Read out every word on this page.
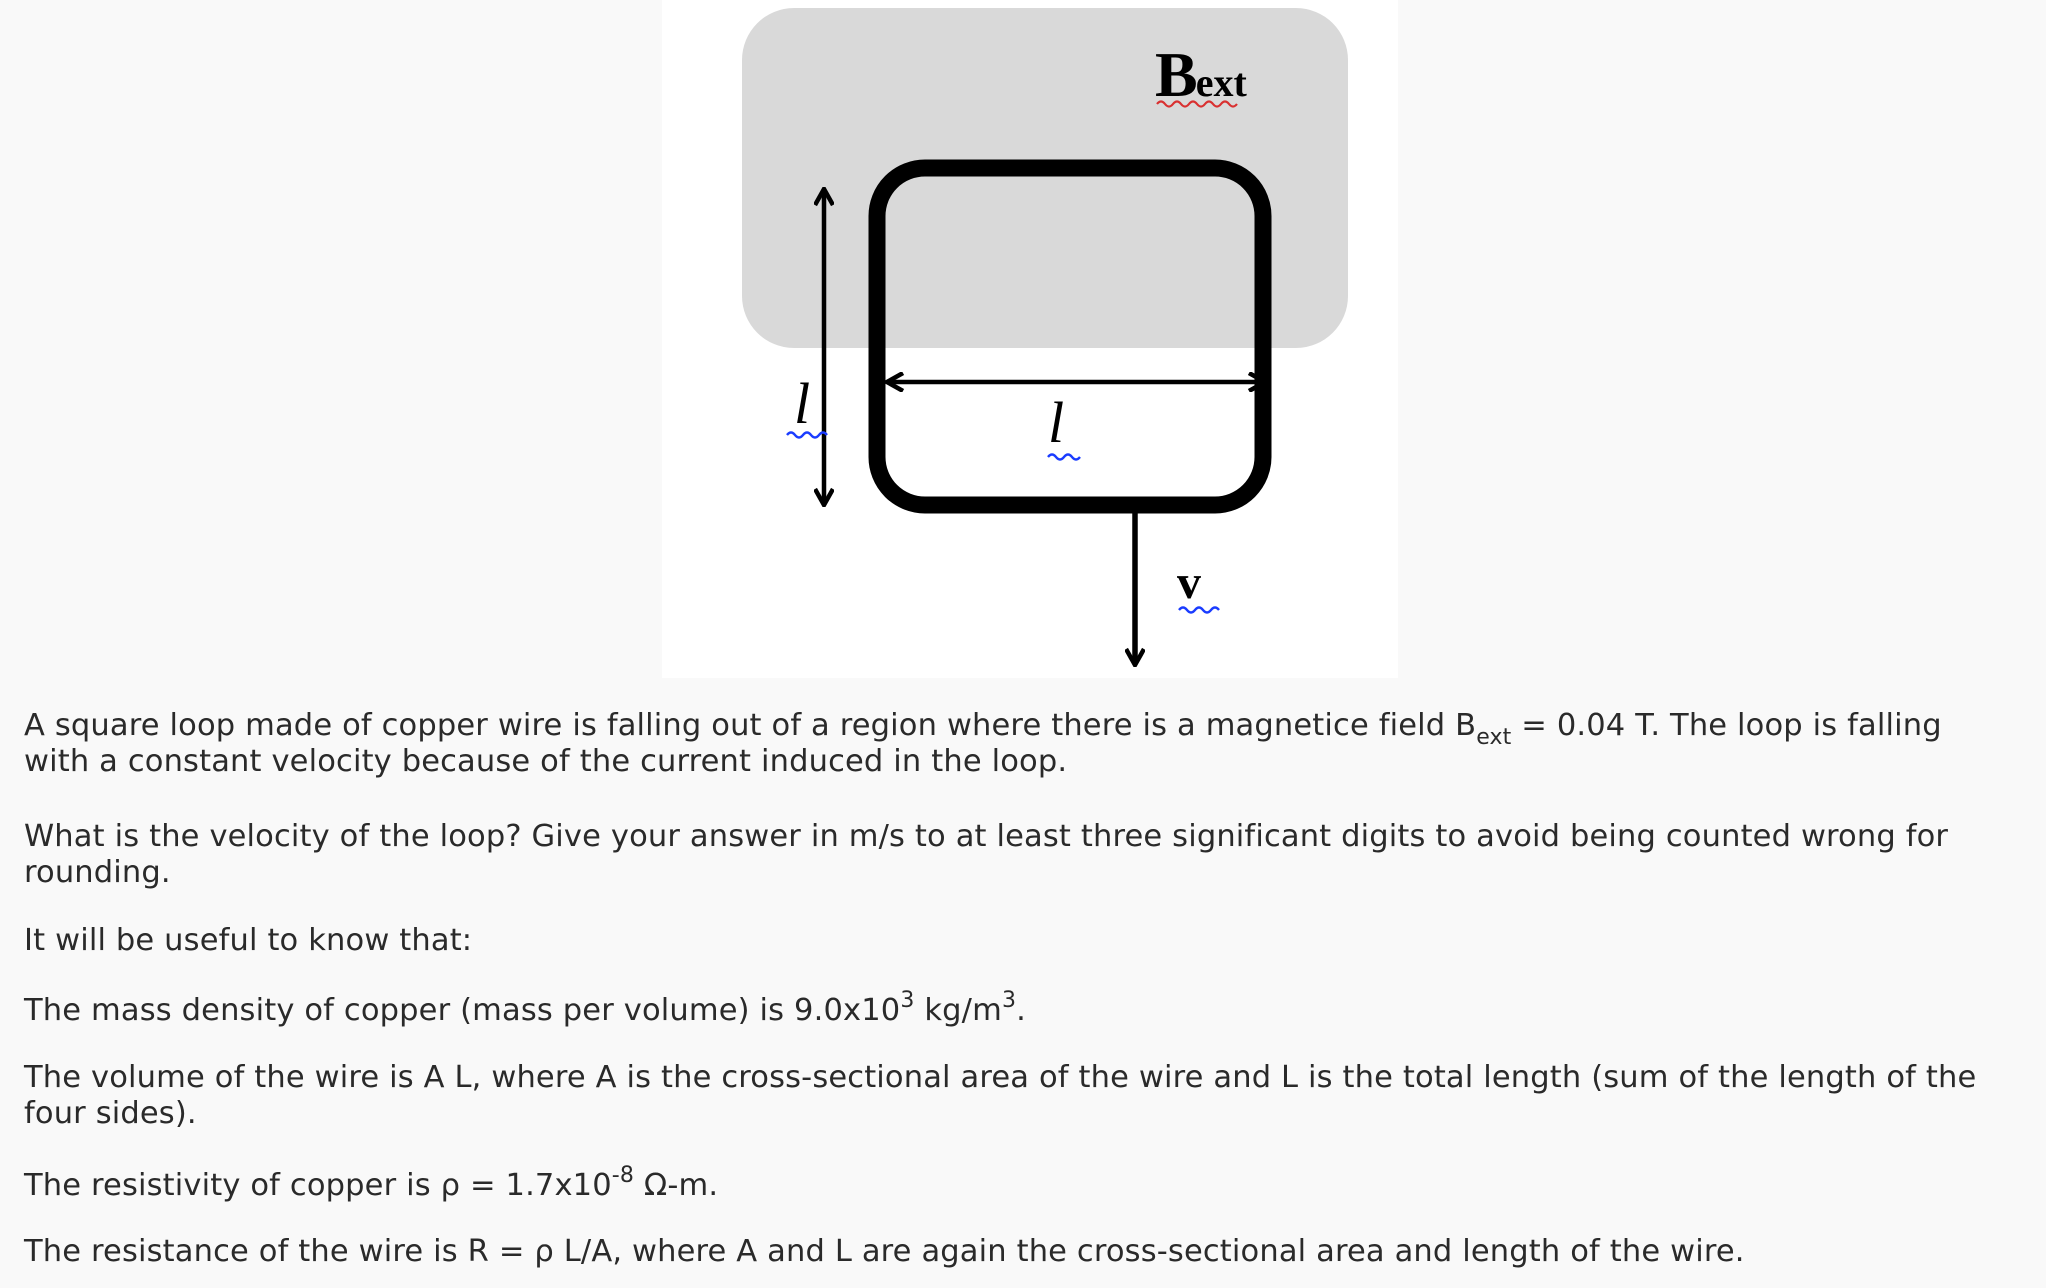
Bext
l	l
v
A square loop made of copper wire is falling out of a region where there is a magnetice field $B_{ext} = 0.04$ T. The loop is falling with a constant velocity because of the current induced in the loop.
What is the velocity of the loop? Give your answer in m/s to at least three significant digits to avoid being counted wrong for rounding.
It will be useful to know that:
The mass density of copper (mass per volume) is $9.0x10^3$ $kg/m^3$.
The volume of the wire is A L, where A is the cross-sectional area of the wire and L is the total length (sum of the length of the four sides).
The resistivity of copper is $\rho = 1.7x10^{-8}$ Ω-m.
The resistance of the wire is R = ρ L/A, where A and L are again the cross-sectional area and length of the wire.
